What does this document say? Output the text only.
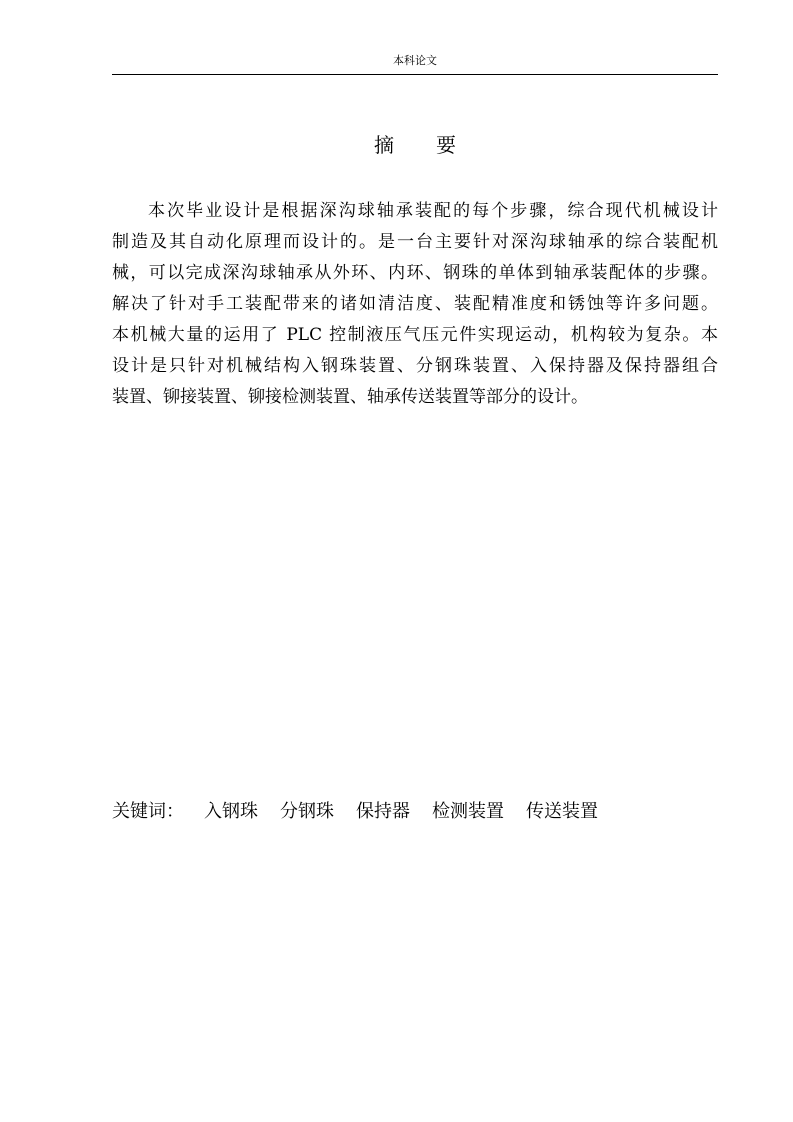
本科论文
摘 要
本次毕业设计是根据深沟球轴承装配的每个步骤，综合现代机械设计
制造及其自动化原理而设计的。是一台主要针对深沟球轴承的综合装配机
械，可以完成深沟球轴承从外环、内环、钢珠的单体到轴承装配体的步骤。
解决了针对手工装配带来的诸如清洁度、装配精准度和锈蚀等许多问题。
本机械大量的运用了 PLC 控制液压气压元件实现运动，机构较为复杂。本
设计是只针对机械结构入钢珠装置、分钢珠装置、入保持器及保持器组合
装置、铆接装置、铆接检测装置、轴承传送装置等部分的设计。
关键词： 入钢珠 分钢珠 保持器 检测装置 传送装置
